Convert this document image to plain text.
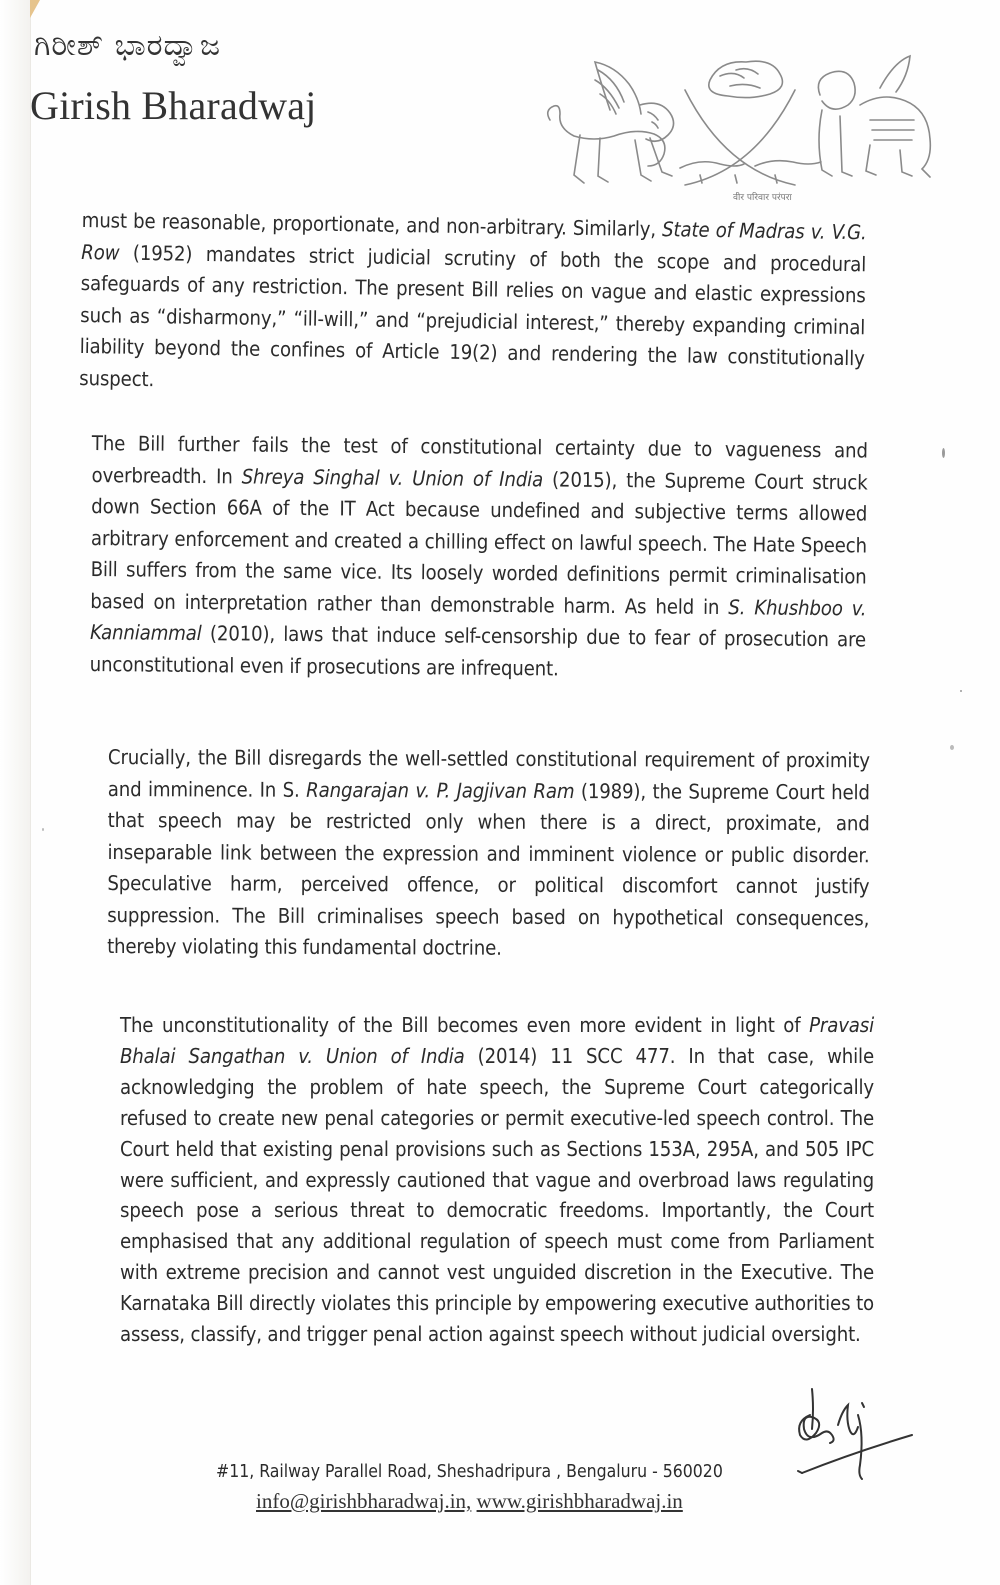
ಗಿರೀಶ್ ಭಾರದ್ವಾಜ
Girish Bharadwaj
वीर परिवार परंपरा
must be reasonable, proportionate, and non-arbitrary. Similarly, State of Madras v. V.G. Row (1952) mandates strict judicial scrutiny of both the scope and procedural safeguards of any restriction. The present Bill relies on vague and elastic expressions such as “disharmony,” “ill-will,” and “prejudicial interest,” thereby expanding criminal liability beyond the confines of Article 19(2) and rendering the law constitutionally suspect.
The Bill further fails the test of constitutional certainty due to vagueness and overbreadth. In Shreya Singhal v. Union of India (2015), the Supreme Court struck down Section 66A of the IT Act because undefined and subjective terms allowed arbitrary enforcement and created a chilling effect on lawful speech. The Hate Speech Bill suffers from the same vice. Its loosely worded definitions permit criminalisation based on interpretation rather than demonstrable harm. As held in S. Khushboo v. Kanniammal (2010), laws that induce self-censorship due to fear of prosecution are unconstitutional even if prosecutions are infrequent.
Crucially, the Bill disregards the well-settled constitutional requirement of proximity and imminence. In S. Rangarajan v. P. Jagjivan Ram (1989), the Supreme Court held that speech may be restricted only when there is a direct, proximate, and inseparable link between the expression and imminent violence or public disorder. Speculative harm, perceived offence, or political discomfort cannot justify suppression. The Bill criminalises speech based on hypothetical consequences, thereby violating this fundamental doctrine.
The unconstitutionality of the Bill becomes even more evident in light of Pravasi Bhalai Sangathan v. Union of India (2014) 11 SCC 477. In that case, while acknowledging the problem of hate speech, the Supreme Court categorically refused to create new penal categories or permit executive-led speech control. The Court held that existing penal provisions such as Sections 153A, 295A, and 505 IPC were sufficient, and expressly cautioned that vague and overbroad laws regulating speech pose a serious threat to democratic freedoms. Importantly, the Court emphasised that any additional regulation of speech must come from Parliament with extreme precision and cannot vest unguided discretion in the Executive. The Karnataka Bill directly violates this principle by empowering executive authorities to assess, classify, and trigger penal action against speech without judicial oversight.
#11, Railway Parallel Road, Sheshadripura , Bengaluru - 560020
info@girishbharadwaj.in, www.girishbharadwaj.in
